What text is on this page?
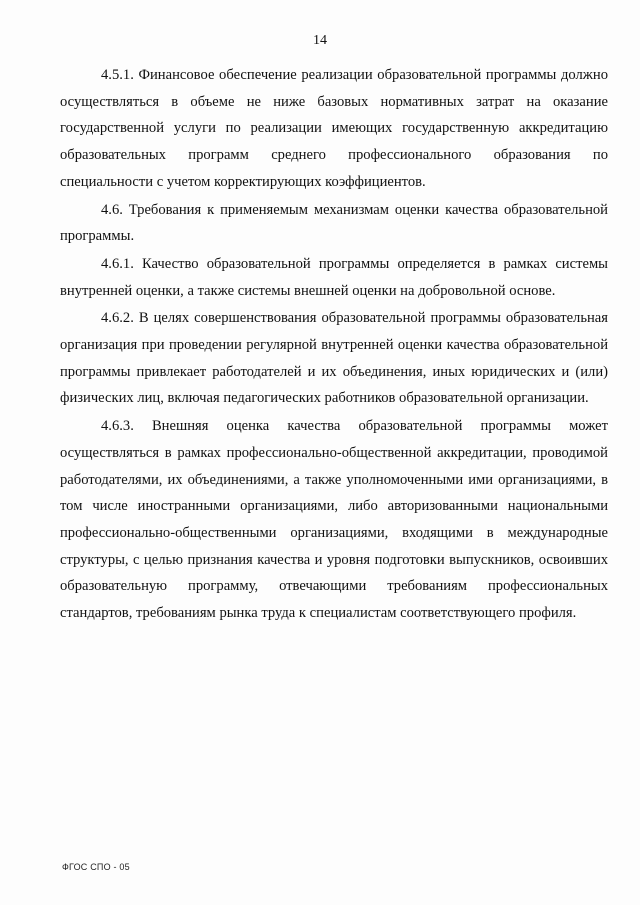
14

4.5.1. Финансовое обеспечение реализации образовательной программы должно осуществляться в объеме не ниже базовых нормативных затрат на оказание государственной услуги по реализации имеющих государственную аккредитацию образовательных программ среднего профессионального образования по специальности с учетом корректирующих коэффициентов.

4.6. Требования к применяемым механизмам оценки качества образовательной программы.

4.6.1. Качество образовательной программы определяется в рамках системы внутренней оценки, а также системы внешней оценки на добровольной основе.

4.6.2. В целях совершенствования образовательной программы образовательная организация при проведении регулярной внутренней оценки качества образовательной программы привлекает работодателей и их объединения, иных юридических и (или) физических лиц, включая педагогических работников образовательной организации.

4.6.3. Внешняя оценка качества образовательной программы может осуществляться в рамках профессионально-общественной аккредитации, проводимой работодателями, их объединениями, а также уполномоченными ими организациями, в том числе иностранными организациями, либо авторизованными национальными профессионально-общественными организациями, входящими в международные структуры, с целью признания качества и уровня подготовки выпускников, освоивших образовательную программу, отвечающими требованиям профессиональных стандартов, требованиям рынка труда к специалистам соответствующего профиля.

ФГОС СПО - 05
